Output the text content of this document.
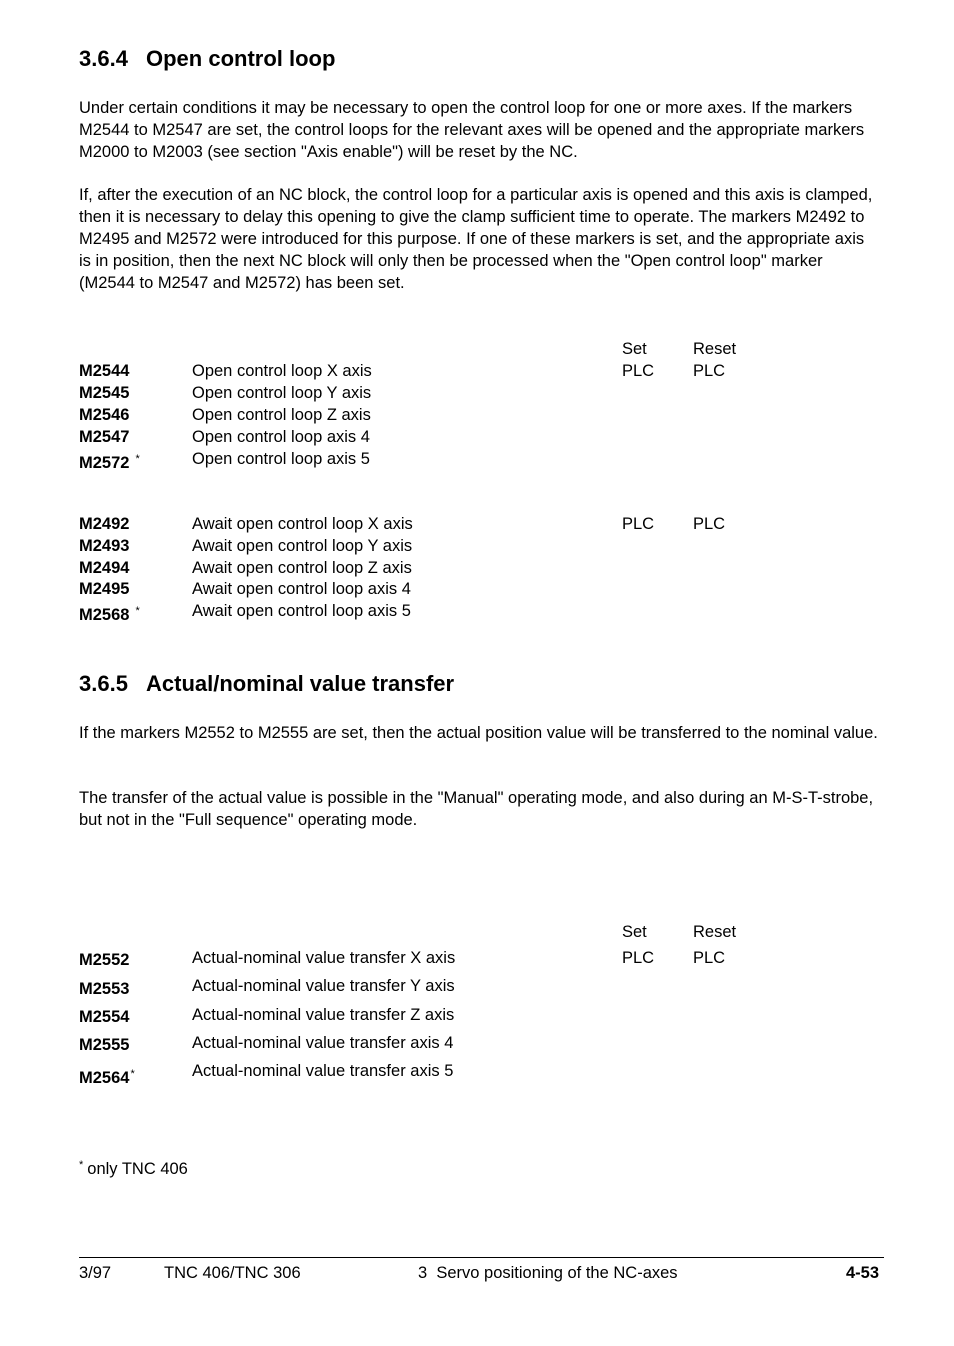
3.6.4 Open control loop
Under certain conditions it may be necessary to open the control loop for one or more axes. If the markers M2544 to M2547 are set, the control loops for the relevant axes will be opened and the appropriate markers M2000 to M2003 (see section "Axis enable") will be reset by the NC.
If, after the execution of an NC block, the control loop for a particular axis is opened and this axis is clamped, then it is necessary to delay this opening to give the clamp sufficient time to operate. The markers M2492 to M2495 and M2572 were introduced for this purpose. If one of these markers is set, and the appropriate axis is in position, then the next NC block will only then be processed when the "Open control loop" marker (M2544 to M2547 and M2572) has been set.
Set	Reset
M2544	Open control loop X axis	PLC PLC
M2545	Open control loop Y axis
M2546	Open control loop Z axis
M2547	Open control loop axis 4
M2572 *	Open control loop axis 5
M2492	Await open control loop X axis	PLC PLC
M2493	Await open control loop Y axis
M2494	Await open control loop Z axis
M2495	Await open control loop axis 4
M2568 *	Await open control loop axis 5
3.6.5 Actual/nominal value transfer
If the markers M2552 to M2555 are set, then the actual position value will be transferred to the nominal value.
The transfer of the actual value is possible in the "Manual" operating mode, and also during an M-S-T-strobe, but not in the "Full sequence" operating mode.
Set	Reset
M2552	Actual-nominal value transfer X axis	PLC PLC
M2553	Actual-nominal value transfer Y axis
M2554	Actual-nominal value transfer Z axis
M2555	Actual-nominal value transfer axis 4
M2564*	Actual-nominal value transfer axis 5
* only TNC 406
3/97	TNC 406/TNC 306	3  Servo positioning of the NC-axes	4-53
